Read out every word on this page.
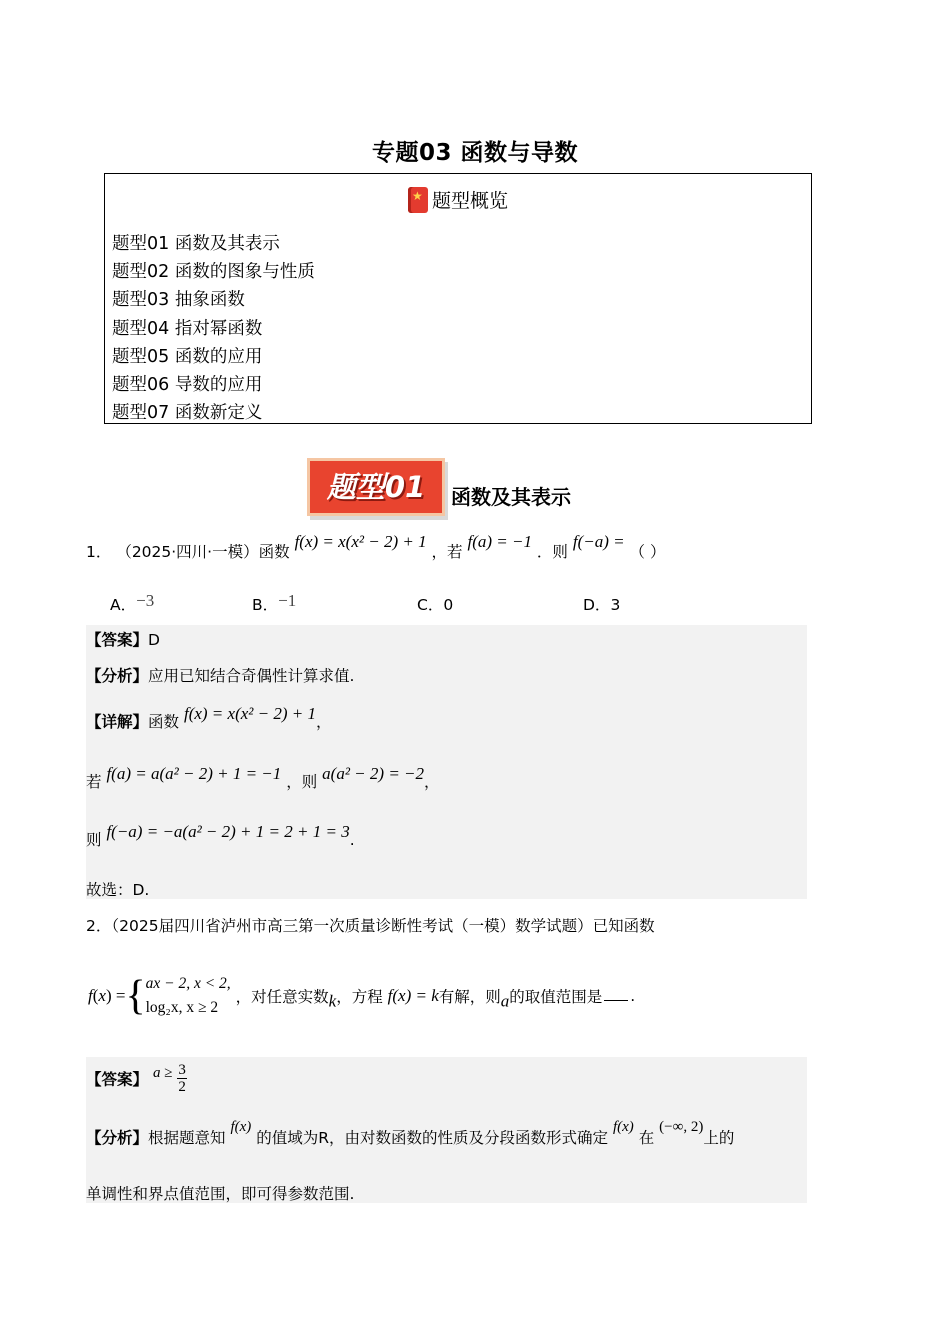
专题03 函数与导数
★ 题型概览
题型01 函数及其表示
题型02 函数的图象与性质
题型03 抽象函数
题型04 指对幂函数
题型05 函数的应用
题型06 导数的应用
题型07 函数新定义
题型01	函数及其表示
1． （2025·四川·一模）函数 f(x) = x(x² − 2) + 1 ，若 f(a) = −1 ．则 f(−a) = （ ）
A．−3	B．−1	C．0	D．3
【答案】D
【分析】应用已知结合奇偶性计算求值.
【详解】函数 f(x) = x(x² − 2) + 1，
若 f(a) = a(a² − 2) + 1 = −1 ，则 a(a² − 2) = −2，
则 f(−a) = −a(a² − 2) + 1 = 2 + 1 = 3.
故选：D.
2．（2025届四川省泸州市高三第一次质量诊断性考试（一模）数学试题）已知函数
f(x) ={ ax − 2, x < 2,
log₂x, x ≥ 2
，对任意实数k，方程 f(x) = k有解，则a的取值范围是 .
【答案】 $a \ge \frac{3}{2}$
【分析】根据题意知 f(x) 的值域为R，由对数函数的性质及分段函数形式确定 f(x) 在 (−∞, 2)上的
单调性和界点值范围，即可得参数范围.
